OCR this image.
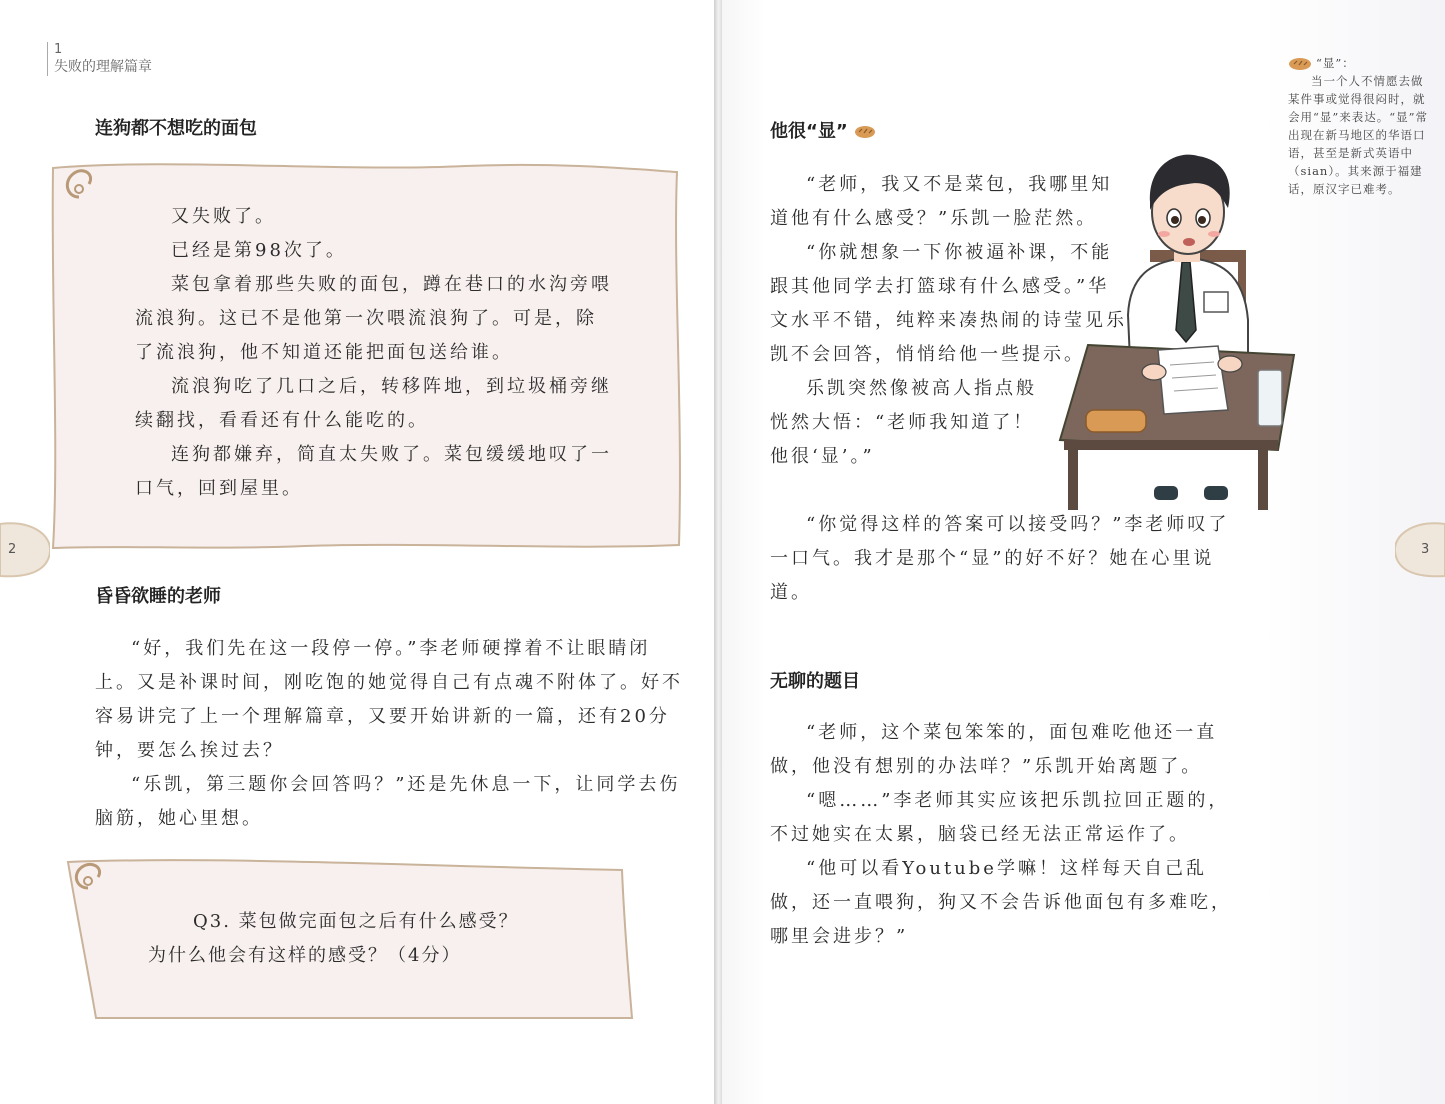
1
失败的理解篇章
连狗都不想吃的面包

又失败了。

已经是第98次了。

菜包拿着那些失败的面包，蹲在巷口的水沟旁喂流浪狗。这已不是他第一次喂流浪狗了。可是，除了流浪狗，他不知道还能把面包送给谁。

流浪狗吃了几口之后，转移阵地，到垃圾桶旁继续翻找，看看还有什么能吃的。

连狗都嫌弃，简直太失败了。菜包缓缓地叹了一口气，回到屋里。

2
昏昏欲睡的老师

“好，我们先在这一段停一停。”李老师硬撑着不让眼睛闭上。又是补课时间，刚吃饱的她觉得自己有点魂不附体了。好不容易讲完了上一个理解篇章，又要开始讲新的一篇，还有20分钟，要怎么挨过去？

“乐凯，第三题你会回答吗？”还是先休息一下，让同学去伤脑筋，她心里想。

Q3. 菜包做完面包之后有什么感受？

为什么他会有这样的感受？（4分）

“显”：
当一个人不情愿去做某件事或觉得很闷时，就会用“显”来表达。“显”常出现在新马地区的华语口语，甚至是新式英语中（sian）。其来源于福建话，原汉字已难考。
他很“显”

“老师，我又不是菜包，我哪里知道他有什么感受？”乐凯一脸茫然。

“你就想象一下你被逼补课，不能跟其他同学去打篮球有什么感受。”华文水平不错，纯粹来凑热闹的诗莹见乐凯不会回答，悄悄给他一些提示。

乐凯突然像被高人指点般恍然大悟：“老师我知道了！他很‘显’。”

“你觉得这样的答案可以接受吗？”李老师叹了一口气。我才是那个“显”的好不好？她在心里说道。

3
无聊的题目

“老师，这个菜包笨笨的，面包难吃他还一直做，他没有想别的办法咩？”乐凯开始离题了。

“嗯……”李老师其实应该把乐凯拉回正题的，不过她实在太累，脑袋已经无法正常运作了。

“他可以看Youtube学嘛！这样每天自己乱做，还一直喂狗，狗又不会告诉他面包有多难吃，哪里会进步？”
